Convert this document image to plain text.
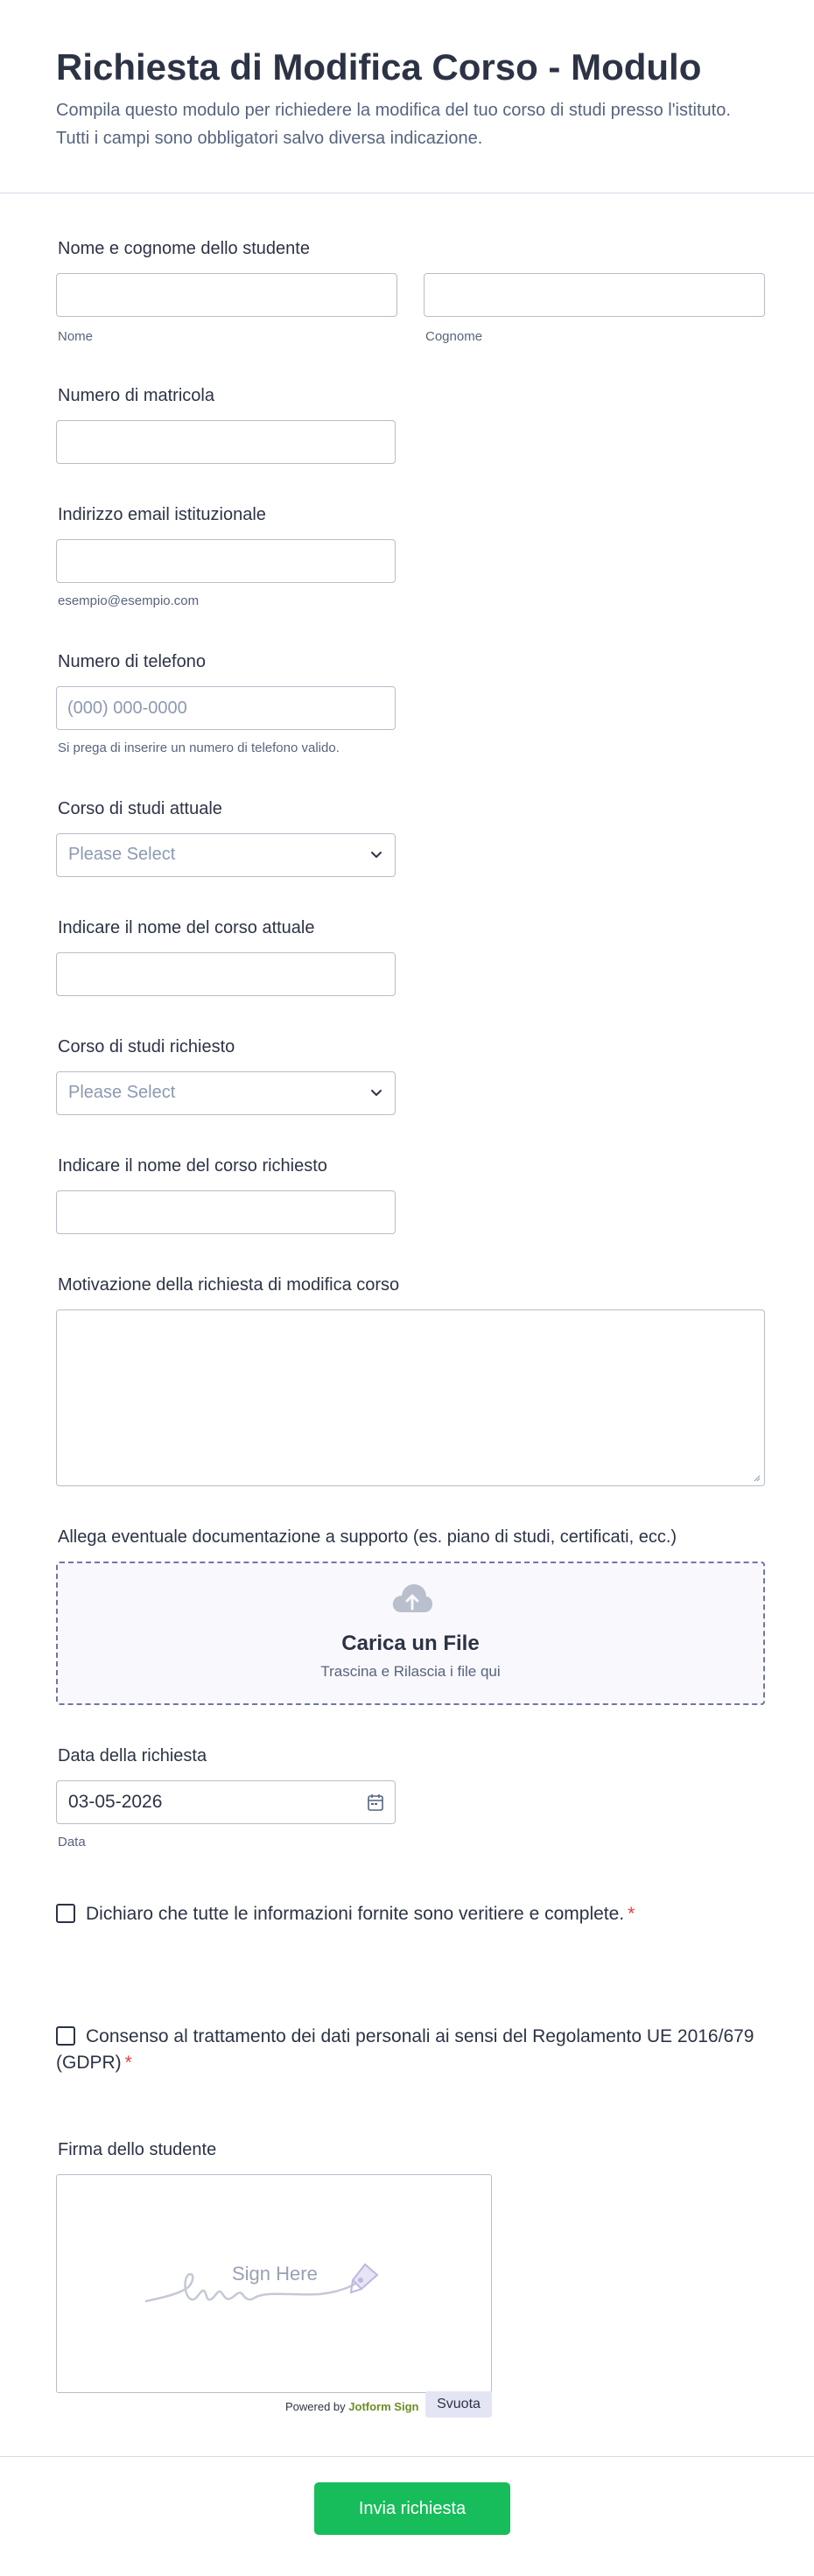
Richiesta di Modifica Corso - Modulo
Compila questo modulo per richiedere la modifica del tuo corso di studi presso l'istituto. Tutti i campi sono obbligatori salvo diversa indicazione.
Nome e cognome dello studente
Nome	Cognome
Numero di matricola
Indirizzo email istituzionale
esempio@esempio.com
Numero di telefono
(000) 000-0000
Si prega di inserire un numero di telefono valido.
Corso di studi attuale
Please Select
Indicare il nome del corso attuale
Corso di studi richiesto
Please Select
Indicare il nome del corso richiesto
Motivazione della richiesta di modifica corso
Allega eventuale documentazione a supporto (es. piano di studi, certificati, ecc.)
Carica un File
Trascina e Rilascia i file qui
Data della richiesta
03-05-2026
Data
Dichiaro che tutte le informazioni fornite sono veritiere e complete. *
Consenso al trattamento dei dati personali ai sensi del Regolamento UE 2016/679 (GDPR) *
Firma dello studente
Sign Here
Powered by Jotform Sign	Svuota
Invia richiesta
